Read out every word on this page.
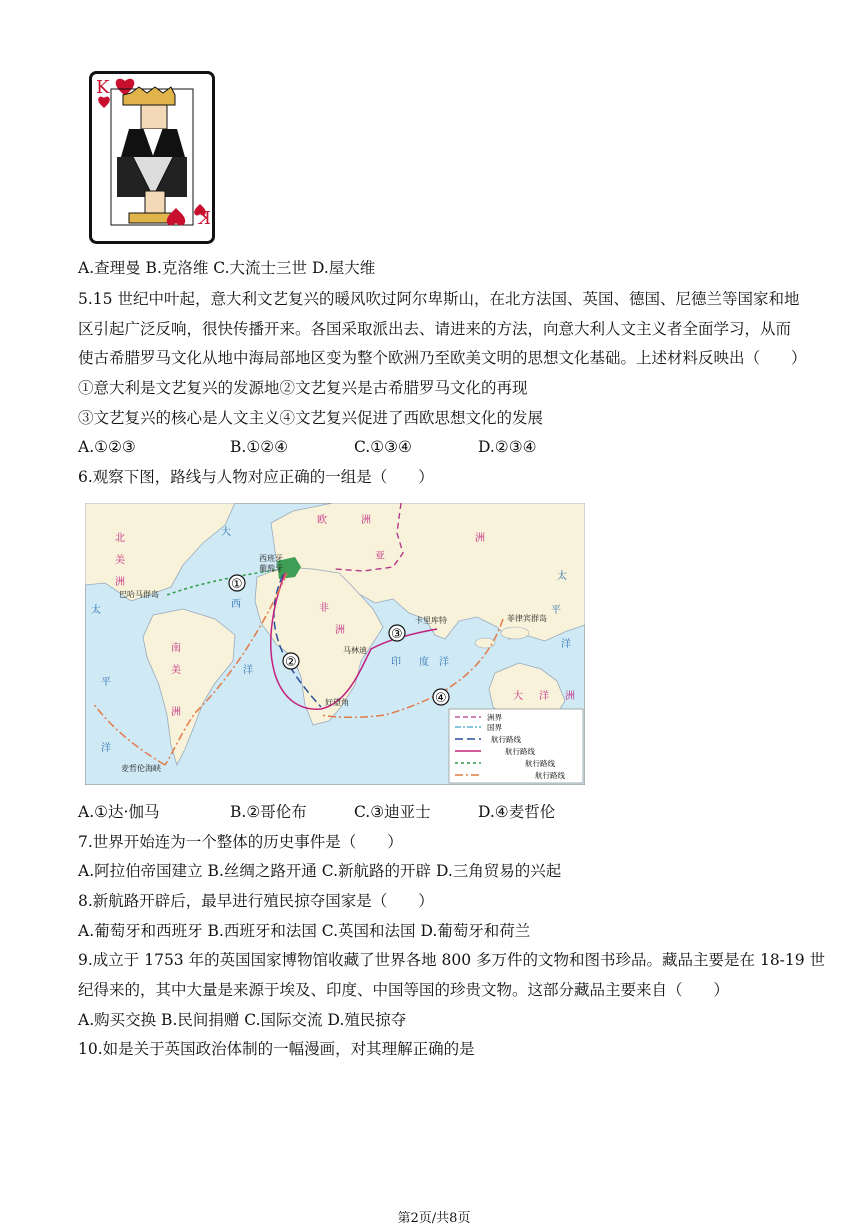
K
K
A.查理曼 B.克洛维 C.大流士三世 D.屋大维
5.15 世纪中叶起，意大利文艺复兴的暖风吹过阿尔卑斯山，在北方法国、英国、德国、尼德兰等国家和地
区引起广泛反响，很快传播开来。各国采取派出去、请进来的方法，向意大利人文主义者全面学习，从而
使古希腊罗马文化从地中海局部地区变为整个欧洲乃至欧美文明的思想文化基础。上述材料反映出（　　）
①意大利是文艺复兴的发源地②文艺复兴是古希腊罗马文化的再现
③文艺复兴的核心是人文主义④文艺复兴促进了西欧思想文化的发展
A.①②③	B.①②④	C.①③④	D.②③④
6.观察下图，路线与人物对应正确的一组是（　　）
①
②
③
④
北
美
洲
南
美
洲
欧	洲
非
洲
亚
洲
大 洋 洲
大
西
洋
太
平
洋
印 度 洋
太
平
洋
西班牙
葡萄牙
巴哈马群岛
卡里库特
马林迪
好望角
菲律宾群岛
麦哲伦海峡
洲界
国界
航行路线
航行路线
航行路线
航行路线
A.①达·伽马	B.②哥伦布	C.③迪亚士	D.④麦哲伦
7.世界开始连为一个整体的历史事件是（　　）
A.阿拉伯帝国建立 B.丝绸之路开通 C.新航路的开辟 D.三角贸易的兴起
8.新航路开辟后，最早进行殖民掠夺国家是（　　）
A.葡萄牙和西班牙 B.西班牙和法国 C.英国和法国 D.葡萄牙和荷兰
9.成立于 1753 年的英国国家博物馆收藏了世界各地 800 多万件的文物和图书珍品。藏品主要是在 18-19 世
纪得来的，其中大量是来源于埃及、印度、中国等国的珍贵文物。这部分藏品主要来自（　　）
A.购买交换 B.民间捐赠 C.国际交流 D.殖民掠夺
10.如是关于英国政治体制的一幅漫画，对其理解正确的是
第2页/共8页
